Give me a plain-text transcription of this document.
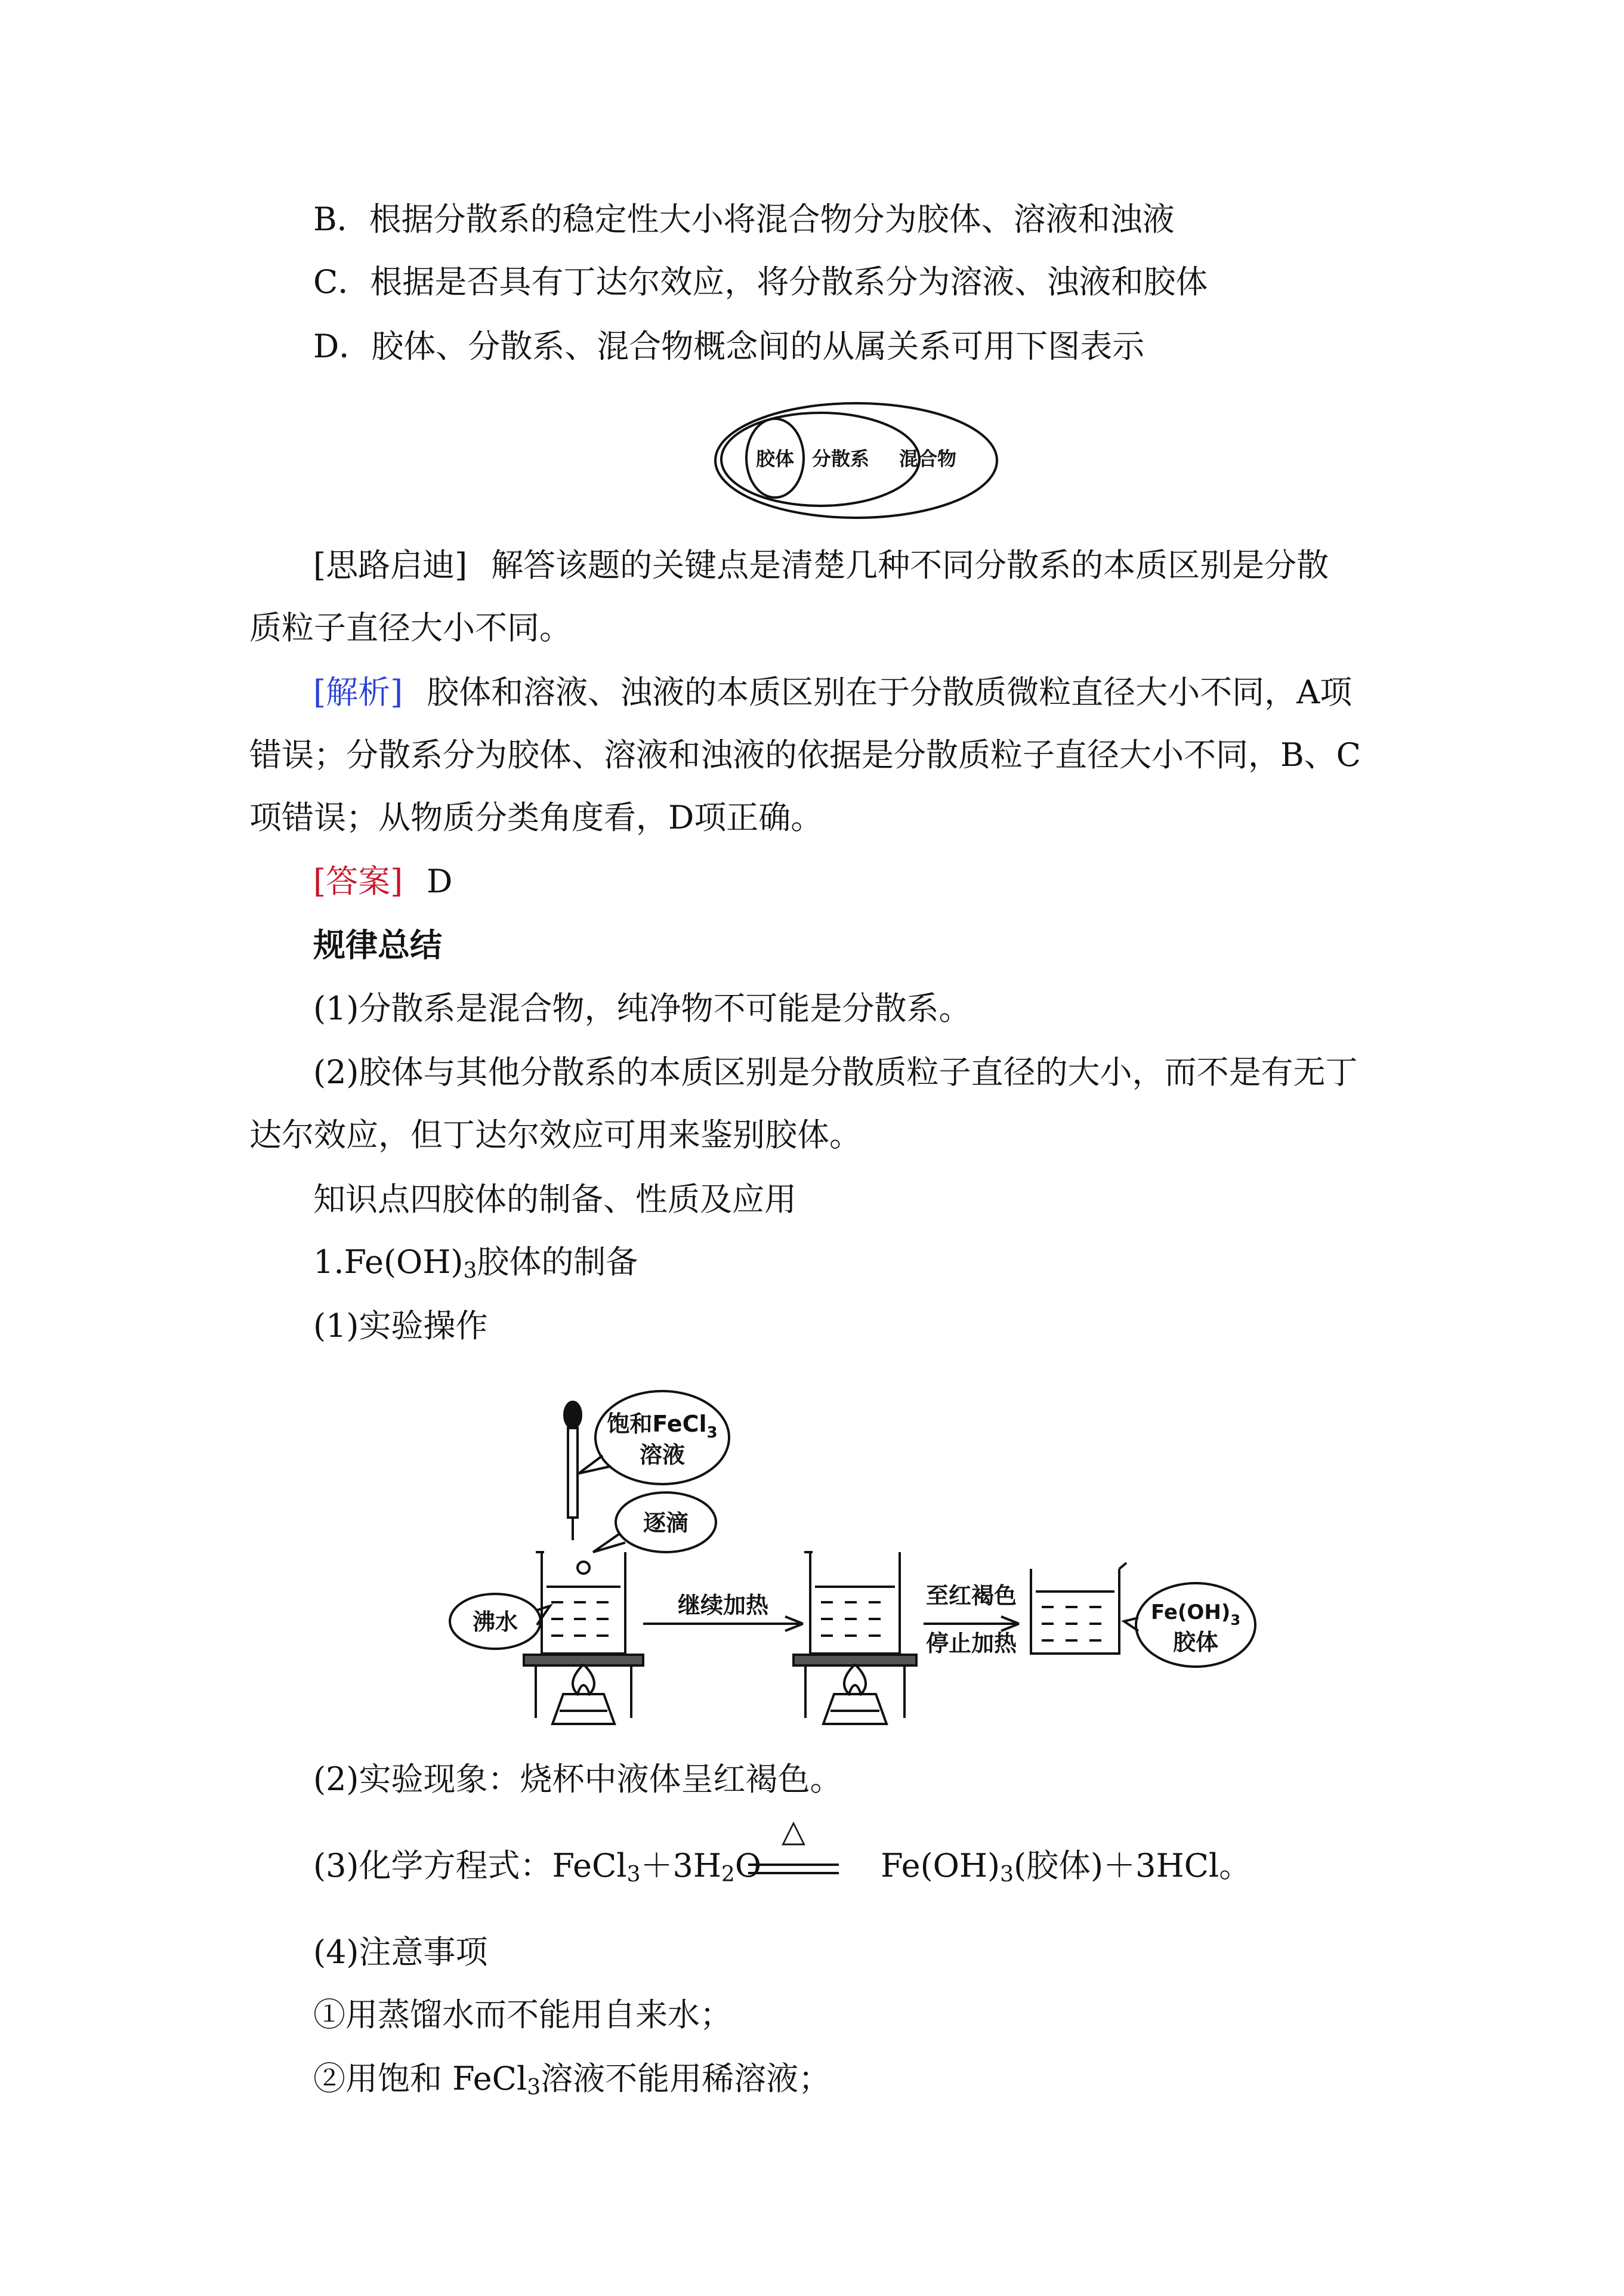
B．根据分散系的稳定性大小将混合物分为胶体、溶液和浊液
C．根据是否具有丁达尔效应，将分散系分为溶液、浊液和胶体
D．胶体、分散系、混合物概念间的从属关系可用下图表示
胶体 分散系 混合物
[思路启迪] 解答该题的关键点是清楚几种不同分散系的本质区别是分散
质粒子直径大小不同。
[解析] 胶体和溶液、浊液的本质区别在于分散质微粒直径大小不同，A项
错误；分散系分为胶体、溶液和浊液的依据是分散质粒子直径大小不同，B、C
项错误；从物质分类角度看，D项正确。
[答案] D
规律总结
(1)分散系是混合物，纯净物不可能是分散系。
(2)胶体与其他分散系的本质区别是分散质粒子直径的大小，而不是有无丁
达尔效应，但丁达尔效应可用来鉴别胶体。
知识点四胶体的制备、性质及应用
$1.Fe(OH)_3$胶体的制备
(1)实验操作
饱和FeCl$_3$
溶液
逐滴
沸水
继续加热	至红褐色
停止加热
$Fe(OH)_3$
胶体
(2)实验现象：烧杯中液体呈红褐色。
(3)化学方程式：$FeCl_3+3H_2O$	$Fe(OH)_3$(胶体)＋3HCl。
△
(4)注意事项
①用蒸馏水而不能用自来水；
②用饱和 FeCl$_3$溶液不能用稀溶液；
